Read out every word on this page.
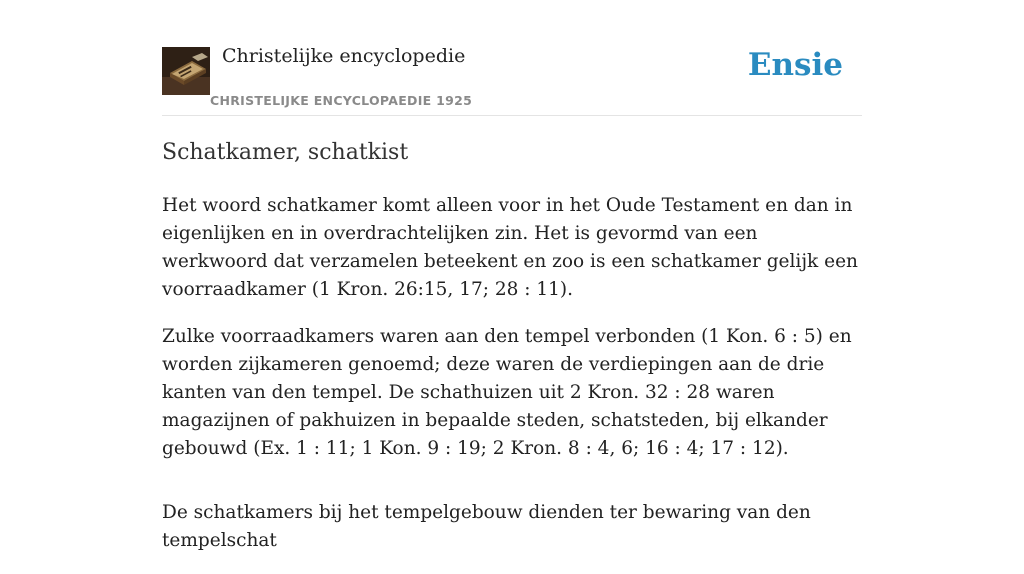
Christelijke encyclopedie
CHRISTELIJKE ENCYCLOPAEDIE 1925
Ensie
Schatkamer, schatkist

Het woord schatkamer komt alleen voor in het Oude Testament en dan in eigenlijken en in overdrachtelijken zin. Het is gevormd van een werkwoord dat verzamelen beteekent en zoo is een schatkamer gelijk een voorraadkamer (1 Kron. 26:15, 17; 28 : 11).

Zulke voorraadkamers waren aan den tempel verbonden (1 Kon. 6 : 5) en worden zijkameren genoemd; deze waren de verdiepingen aan de drie kanten van den tempel. De schathuizen uit 2 Kron. 32 : 28 waren magazijnen of pakhuizen in bepaalde steden, schatsteden, bij elkander gebouwd (Ex. 1 : 11; 1 Kon. 9 : 19; 2 Kron. 8 : 4, 6; 16 : 4; 17 : 12).

De schatkamers bij het tempelgebouw dienden ter bewaring van den tempelschat
